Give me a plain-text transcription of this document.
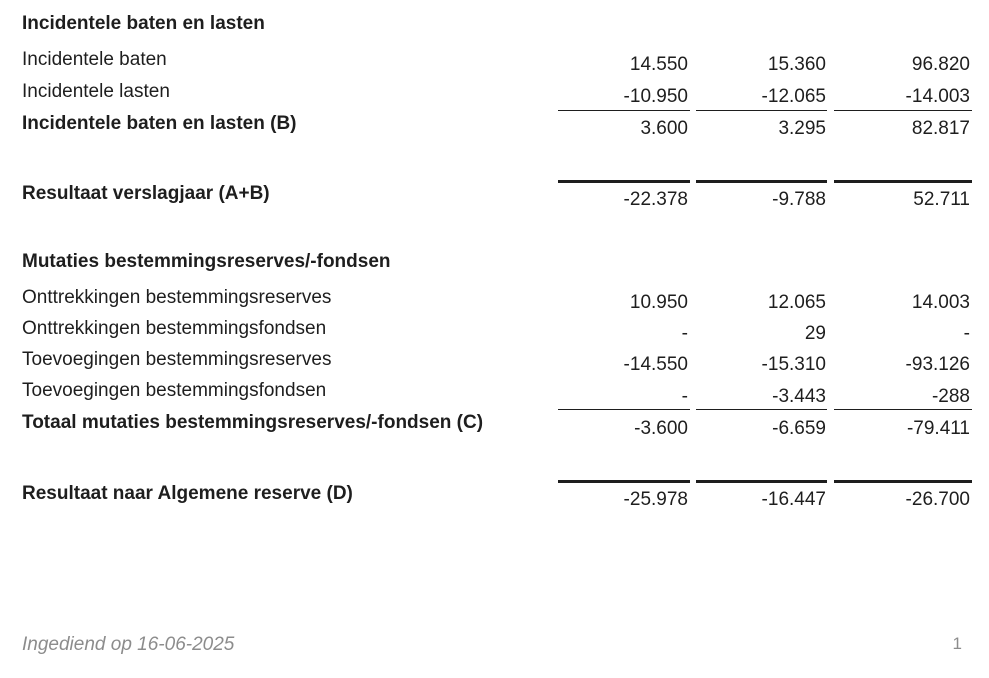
Incidentele baten en lasten
Incidentele baten	14.550	15.360	96.820
Incidentele lasten	-10.950	-12.065	-14.003
Incidentele baten en lasten (B)	3.600	3.295	82.817
Resultaat verslagjaar (A+B)	-22.378	-9.788	52.711
Mutaties bestemmingsreserves/-fondsen
Onttrekkingen bestemmingsreserves	10.950	12.065	14.003
Onttrekkingen bestemmingsfondsen	-	29	-
Toevoegingen bestemmingsreserves	-14.550	-15.310	-93.126
Toevoegingen bestemmingsfondsen	-	-3.443	-288
Totaal mutaties bestemmingsreserves/-fondsen (C)	-3.600	-6.659	-79.411
Resultaat naar Algemene reserve (D)	-25.978	-16.447	-26.700
Ingediend op 16-06-2025	1
